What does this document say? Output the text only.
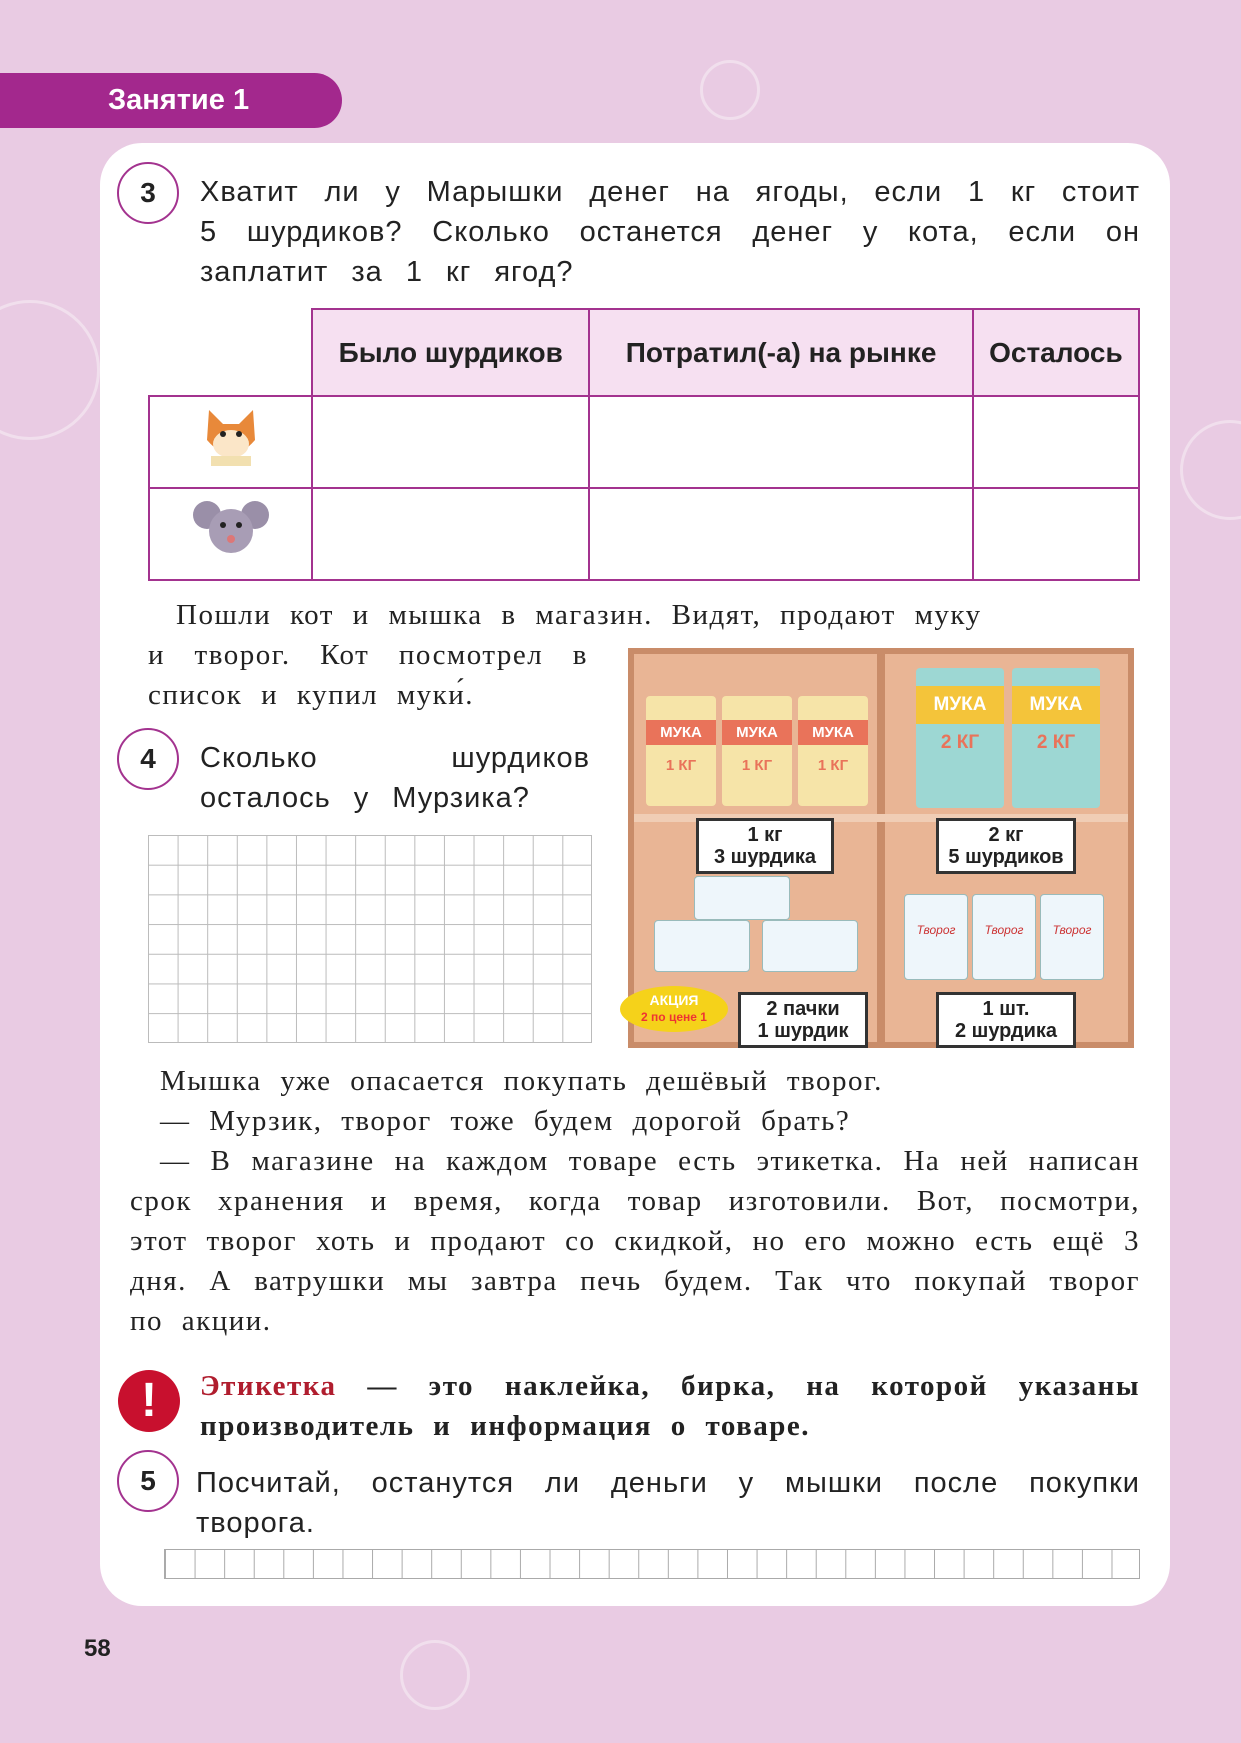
Занятие 1
3	Хватит ли у Марышки денег на ягоды, если 1 кг стоит 5 шурдиков? Сколько останется денег у кота, если он заплатит за 1 кг ягод?
	Было шурдиков	Потратил(-а) на рынке	Осталось

Пошли кот и мышка в магазин. Видят, продают муку
и творог. Кот посмотрел в список и купил муки́.
4	Сколько шурдиков осталось у Мурзика?
МУКА
1 КГ
МУКА
1 КГ
МУКА
1 КГ
МУКА
2 КГ
МУКА
2 КГ
1 кг
3 шурдика
2 кг
5 шурдиков
Творог	Творог	Творог
2 пачки
1 шурдик
1 шт.
2 шурдика
АКЦИЯ
2 по цене 1
Мышка уже опасается покупать дешёвый творог.
— Мурзик, творог тоже будем дорогой брать?
— В магазине на каждом товаре есть этикетка. На ней написан срок хранения и время, когда товар изготовили. Вот, посмотри, этот творог хоть и продают со скидкой, но его можно есть ещё 3 дня. А ватрушки мы завтра печь будем. Так что покупай творог по акции.
!	Этикетка — это наклейка, бирка, на которой указаны производитель и информация о товаре.
5	Посчитай, останутся ли деньги у мышки после покупки творога.
58
